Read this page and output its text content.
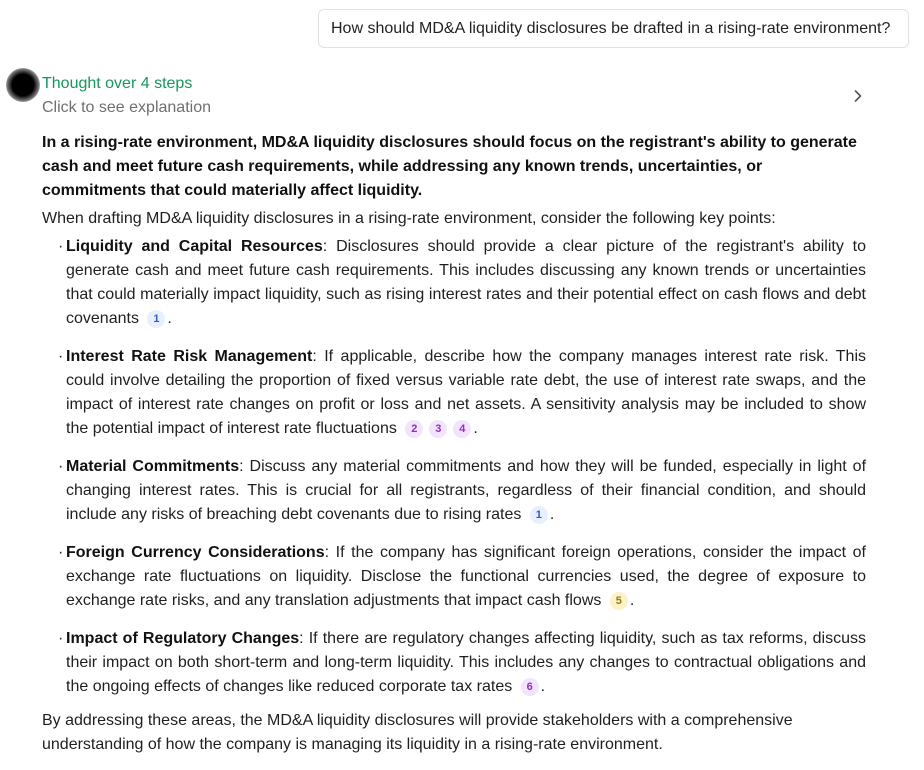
How should MD&A liquidity disclosures be drafted in a rising-rate environment?
Thought over 4 steps
Click to see explanation

In a rising-rate environment, MD&A liquidity disclosures should focus on the registrant's ability to generate cash and meet future cash requirements, while addressing any known trends, uncertainties, or commitments that could materially affect liquidity.

When drafting MD&A liquidity disclosures in a rising-rate environment, consider the following key points:

· Liquidity and Capital Resources: Disclosures should provide a clear picture of the registrant's ability to generate cash and meet future cash requirements. This includes discussing any known trends or uncertainties that could materially impact liquidity, such as rising interest rates and their potential effect on cash flows and debt covenants 1 .
· Interest Rate Risk Management: If applicable, describe how the company manages interest rate risk. This could involve detailing the proportion of fixed versus variable rate debt, the use of interest rate swaps, and the impact of interest rate changes on profit or loss and net assets. A sensitivity analysis may be included to show the potential impact of interest rate fluctuations 2 3 4 .
· Material Commitments: Discuss any material commitments and how they will be funded, especially in light of changing interest rates. This is crucial for all registrants, regardless of their financial condition, and should include any risks of breaching debt covenants due to rising rates 1 .
· Foreign Currency Considerations: If the company has significant foreign operations, consider the impact of exchange rate fluctuations on liquidity. Disclose the functional currencies used, the degree of exposure to exchange rate risks, and any translation adjustments that impact cash flows 5 .
· Impact of Regulatory Changes: If there are regulatory changes affecting liquidity, such as tax reforms, discuss their impact on both short-term and long-term liquidity. This includes any changes to contractual obligations and the ongoing effects of changes like reduced corporate tax rates 6 .

By addressing these areas, the MD&A liquidity disclosures will provide stakeholders with a comprehensive understanding of how the company is managing its liquidity in a rising-rate environment.
